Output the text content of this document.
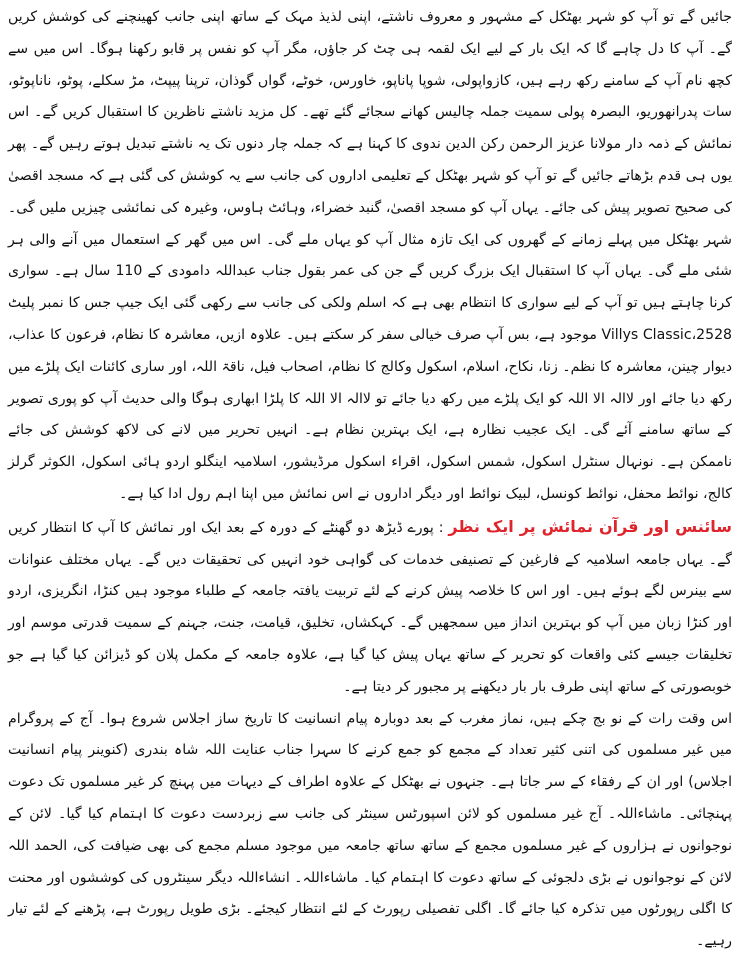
جائیں گے تو آپ کو شہر بھٹکل کے مشہور و معروف ناشتے، اپنی لذیذ مہک کے ساتھ اپنی جانب کھینچنے کی کوشش کریں گے۔ آپ کا دل چاہے گا کہ ایک بار کے لیے ایک لقمہ ہی چٹ کر جاؤں، مگر آپ کو نفس پر قابو رکھنا ہوگا۔ اس میں سے کچھ نام آپ کے سامنے رکھ رہے ہیں، کازواپولی، شوپا پاناپو، خاورس، خوٹے، گواں گوذان، ترپنا پیپٹ، مڑ سکلے، پوٹو، ناناپوٹو، سات پدرانھوریو، البصرہ پولی سمیت جملہ چالیس کھانے سجائے گئے تھے۔ کل مزید ناشتے ناظرین کا استقبال کریں گے۔ اس نمائش کے ذمہ دار مولانا عزیز الرحمن رکن الدین ندوی کا کہنا ہے کہ جملہ چار دنوں تک یہ ناشتے تبدیل ہوتے رہیں گے۔ پھر یوں ہی قدم بڑھاتے جائیں گے تو آپ کو شہر بھٹکل کے تعلیمی اداروں کی جانب سے یہ کوشش کی گئی ہے کہ مسجد اقصیٰ کی صحیح تصویر پیش کی جائے۔ یہاں آپ کو مسجد اقصیٰ، گنبد خضراء، وہائٹ ہاوس، وغیرہ کی نمائشی چیزیں ملیں گی۔ شہر بھٹکل میں پہلے زمانے کے گھروں کی ایک تازہ مثال آپ کو یہاں ملے گی۔ اس میں گھر کے استعمال میں آنے والی ہر شئی ملے گی۔ یہاں آپ کا استقبال ایک بزرگ کریں گے جن کی عمر بقول جناب عبداللہ دامودی کے 110 سال ہے۔ سواری کرنا چاہتے ہیں تو آپ کے لیے سواری کا انتظام بھی ہے کہ اسلم ولکی کی جانب سے رکھی گئی ایک جیپ جس کا نمبر پلیٹ Villys Classic،2528 موجود ہے، بس آپ صرف خیالی سفر کر سکتے ہیں۔ علاوہ ازیں، معاشرہ کا نظام، فرعون کا عذاب، دیوار چینن، معاشرہ کا نظم۔ زنا، نکاح، اسلام، اسکول وکالج کا نظام، اصحاب فیل، ناقۃ اللہ، اور ساری کائنات ایک پلڑے میں رکھ دیا جائے اور لاالہ الا اللہ کو ایک پلڑے میں رکھ دیا جائے تو لاالہ الا اللہ کا پلڑا ابھاری ہوگا والی حدیث آپ کو پوری تصویر کے ساتھ سامنے آئے گی۔ ایک عجیب نظارہ ہے، ایک بہترین نظام ہے۔ انہیں تحریر میں لانے کی لاکھ کوشش کی جائے ناممکن ہے۔ نونہال سنٹرل اسکول، شمس اسکول، اقراء اسکول مرڈیشور، اسلامیہ اینگلو اردو ہائی اسکول، الکوثر گرلز کالج، نوائط محفل، نوائط کونسل، لبیک نوائط اور دیگر اداروں نے اس نمائش میں اپنا اہم رول ادا کیا ہے۔

سائنس اور قرآن نمائش پر ایک نظر : پورے ڈیڑھ دو گھنٹے کے دورہ کے بعد ایک اور نمائش کا آپ کا انتظار کریں گے۔ یہاں جامعہ اسلامیہ کے فارغین کے تصنیفی خدمات کی گواہی خود انہیں کی تحقیقات دیں گے۔ یہاں مختلف عنوانات سے بینرس لگے ہوئے ہیں۔ اور اس کا خلاصہ پیش کرنے کے لئے تربیت یافتہ جامعہ کے طلباء موجود ہیں کنڑا، انگریزی، اردو اور کنڑا زبان میں آپ کو بہترین انداز میں سمجھیں گے۔ کہکشاں، تخلیق، قیامت، جنت، جہنم کے سمیت قدرتی موسم اور تخلیقات جیسے کئی واقعات کو تحریر کے ساتھ یہاں پیش کیا گیا ہے، علاوہ جامعہ کے مکمل پلان کو ڈیزائن کیا گیا ہے جو خوبصورتی کے ساتھ اپنی طرف بار بار دیکھنے پر مجبور کر دیتا ہے۔

اس وقت رات کے نو بج چکے ہیں، نماز مغرب کے بعد دوبارہ پیام انسانیت کا تاریخ ساز اجلاس شروع ہوا۔ آج کے پروگرام میں غیر مسلموں کی اتنی کثیر تعداد کے مجمع کو جمع کرنے کا سہرا جناب عنایت اللہ شاہ بندری (کنوینر پیام انسانیت اجلاس) اور ان کے رفقاء کے سر جاتا ہے۔ جنہوں نے بھٹکل کے علاوہ اطراف کے دیہات میں پہنچ کر غیر مسلموں تک دعوت پہنچائی۔ ماشاءاللہ۔ آج غیر مسلموں کو لائن اسپورٹس سینٹر کی جانب سے زبردست دعوت کا اہتمام کیا گیا۔ لائن کے نوجوانوں نے ہزاروں کے غیر مسلموں مجمع کے ساتھ ساتھ جامعہ میں موجود مسلم مجمع کی بھی ضیافت کی، الحمد اللہ لائن کے نوجوانوں نے بڑی دلجوئی کے ساتھ دعوت کا اہتمام کیا۔ ماشاءاللہ۔ انشاءاللہ دیگر سینٹروں کی کوششوں اور محنت کا اگلی رپورٹوں میں تذکرہ کیا جائے گا۔ اگلی تفصیلی رپورٹ کے لئے انتظار کیجئے۔ بڑی طویل رپورٹ ہے، پڑھنے کے لئے تیار رہیے۔
